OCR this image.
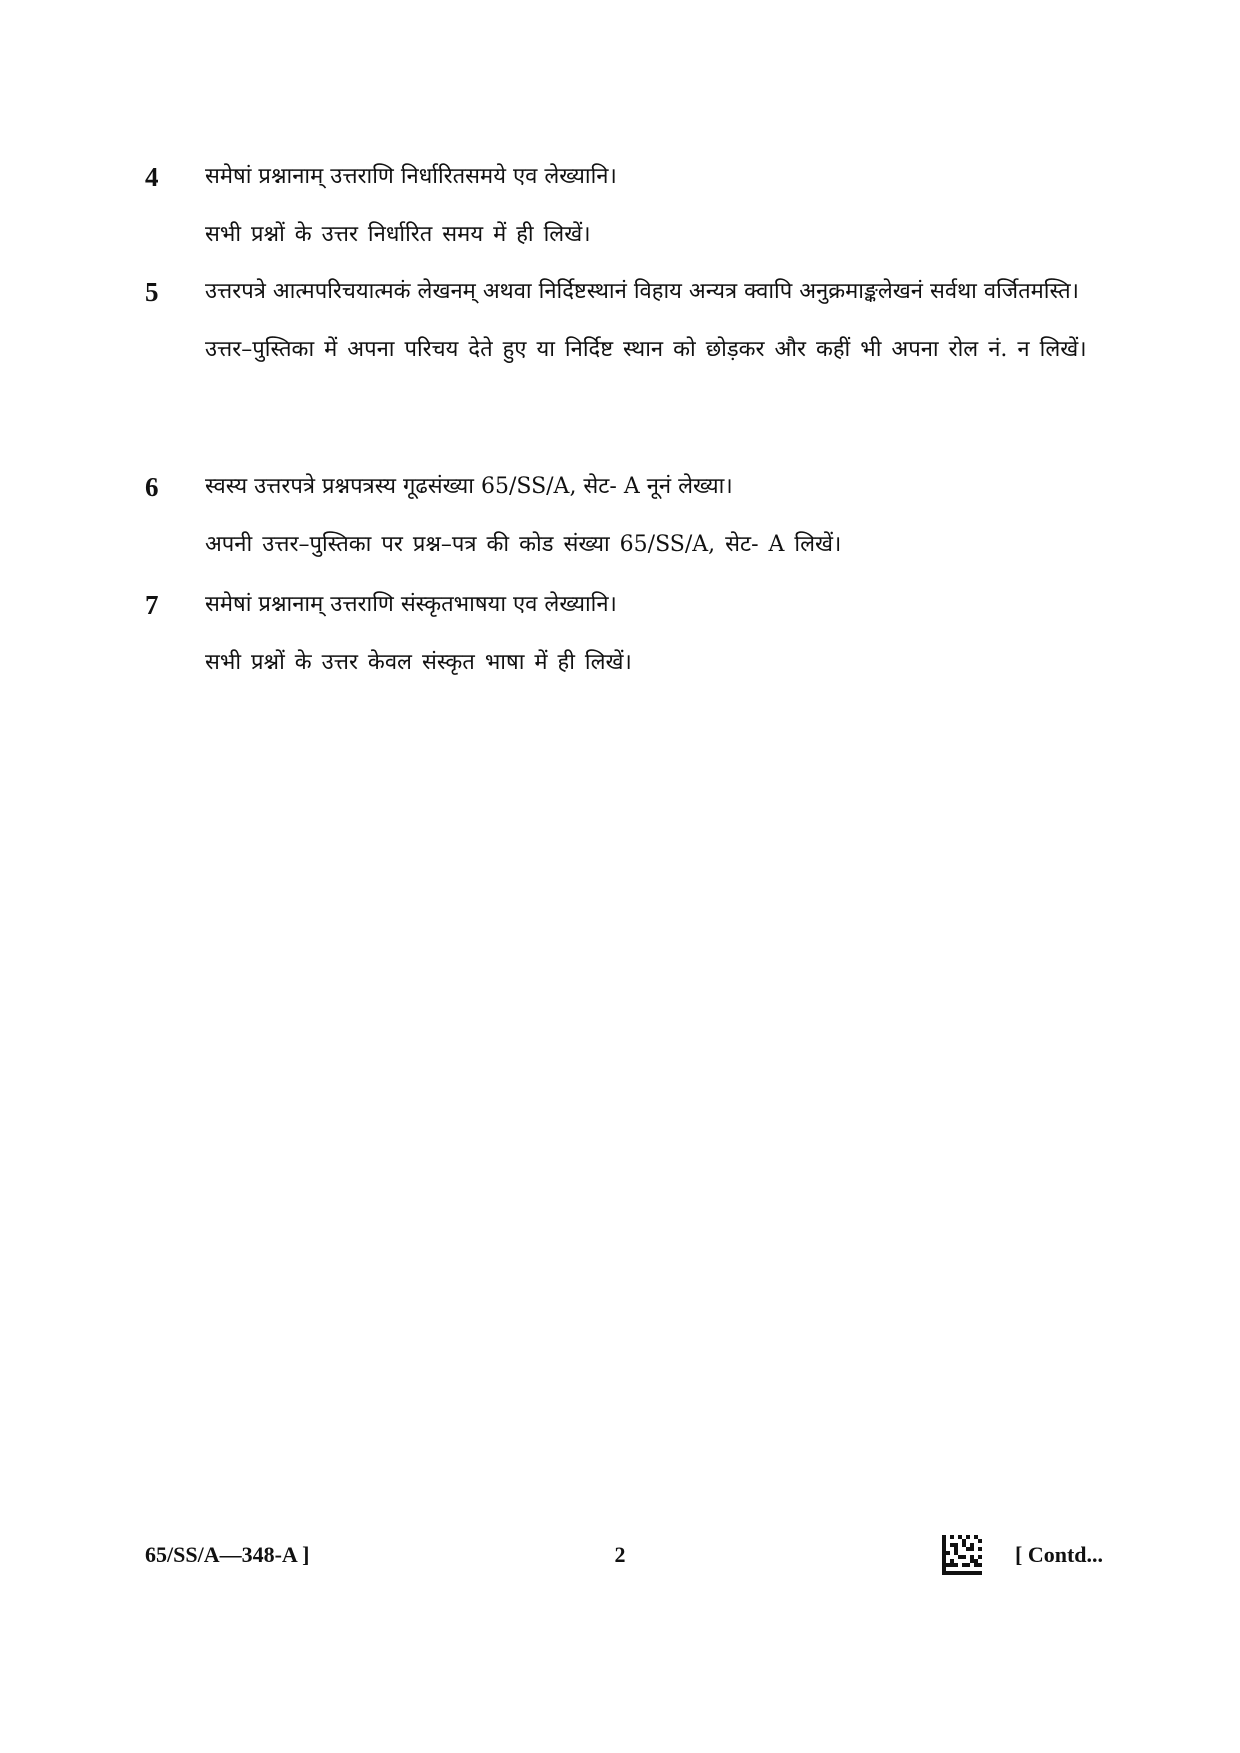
4 समेषां प्रश्नानाम् उत्तराणि निर्धारितसमये एव लेख्यानि।

सभी प्रश्नों के उत्तर निर्धारित समय में ही लिखें।

5 उत्तरपत्रे आत्मपरिचयात्मकं लेखनम् अथवा निर्दिष्टस्थानं विहाय अन्यत्र क्वापि अनुक्रमाङ्कलेखनं सर्वथा वर्जितमस्ति।

उत्तर–पुस्तिका में अपना परिचय देते हुए या निर्दिष्ट स्थान को छोड़कर और कहीं भी अपना रोल नं. न लिखें।

6 स्वस्य उत्तरपत्रे प्रश्नपत्रस्य गूढसंख्या 65/SS/A, सेट- A नूनं लेख्या।

अपनी उत्तर–पुस्तिका पर प्रश्न–पत्र की कोड संख्या 65/SS/A, सेट- A लिखें।

7 समेषां प्रश्नानाम् उत्तराणि संस्कृतभाषया एव लेख्यानि।

सभी प्रश्नों के उत्तर केवल संस्कृत भाषा में ही लिखें।

65/SS/A—348-A ]	2	[ Contd...
